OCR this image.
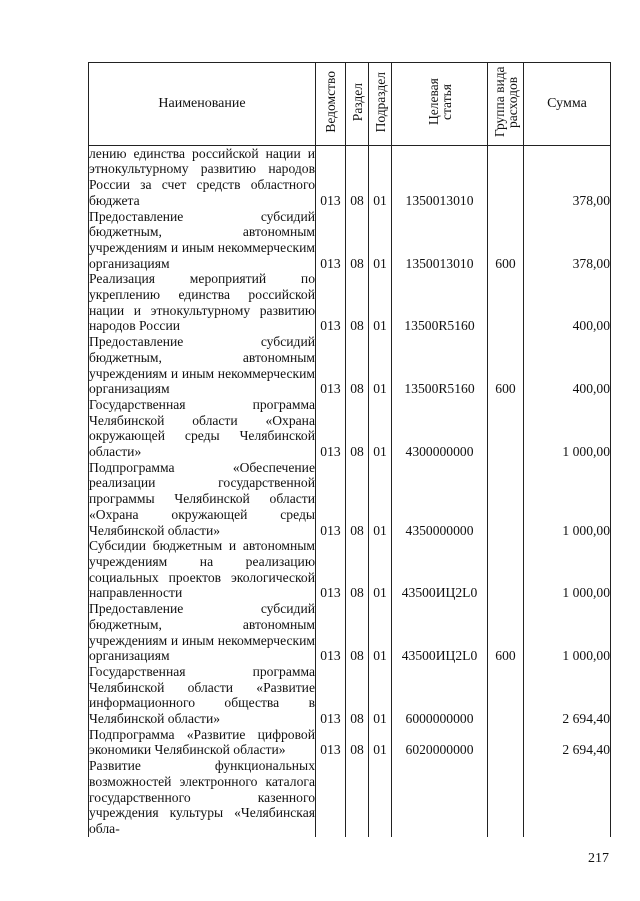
Наименование	Ведомство	Раздел	Подраздел	Целевая статья	Группа вида расходов	Сумма
лению единства российской нации и этнокультурному развитию народов России за счет средств областного бюджета	013	08	01	1350013010		378,00
Предоставление субсидий бюджетным, автономным учреждениям и иным некоммерческим организациям	013	08	01	1350013010	600	378,00
Реализация мероприятий по укреплению единства российской нации и этнокультурному развитию народов России	013	08	01	13500R5160		400,00
Предоставление субсидий бюджетным, автономным учреждениям и иным некоммерческим организациям	013	08	01	13500R5160	600	400,00
Государственная программа Челябинской области «Охрана окружающей среды Челябинской области»	013	08	01	4300000000		1 000,00
Подпрограмма «Обеспечение реализации государственной программы Челябинской области «Охрана окружающей среды Челябинской области»	013	08	01	4350000000		1 000,00
Субсидии бюджетным и автономным учреждениям на реализацию социальных проектов экологической направленности	013	08	01	43500ИЦ2L0		1 000,00
Предоставление субсидий бюджетным, автономным учреждениям и иным некоммерческим организациям	013	08	01	43500ИЦ2L0	600	1 000,00
Государственная программа Челябинской области «Развитие информационного общества в Челябинской области»	013	08	01	6000000000		2 694,40
Подпрограмма «Развитие цифровой экономики Челябинской области»	013	08	01	6020000000		2 694,40
Развитие функциональных возможностей электронного каталога государственного казенного учреждения культуры «Челябинская обла-						
217
